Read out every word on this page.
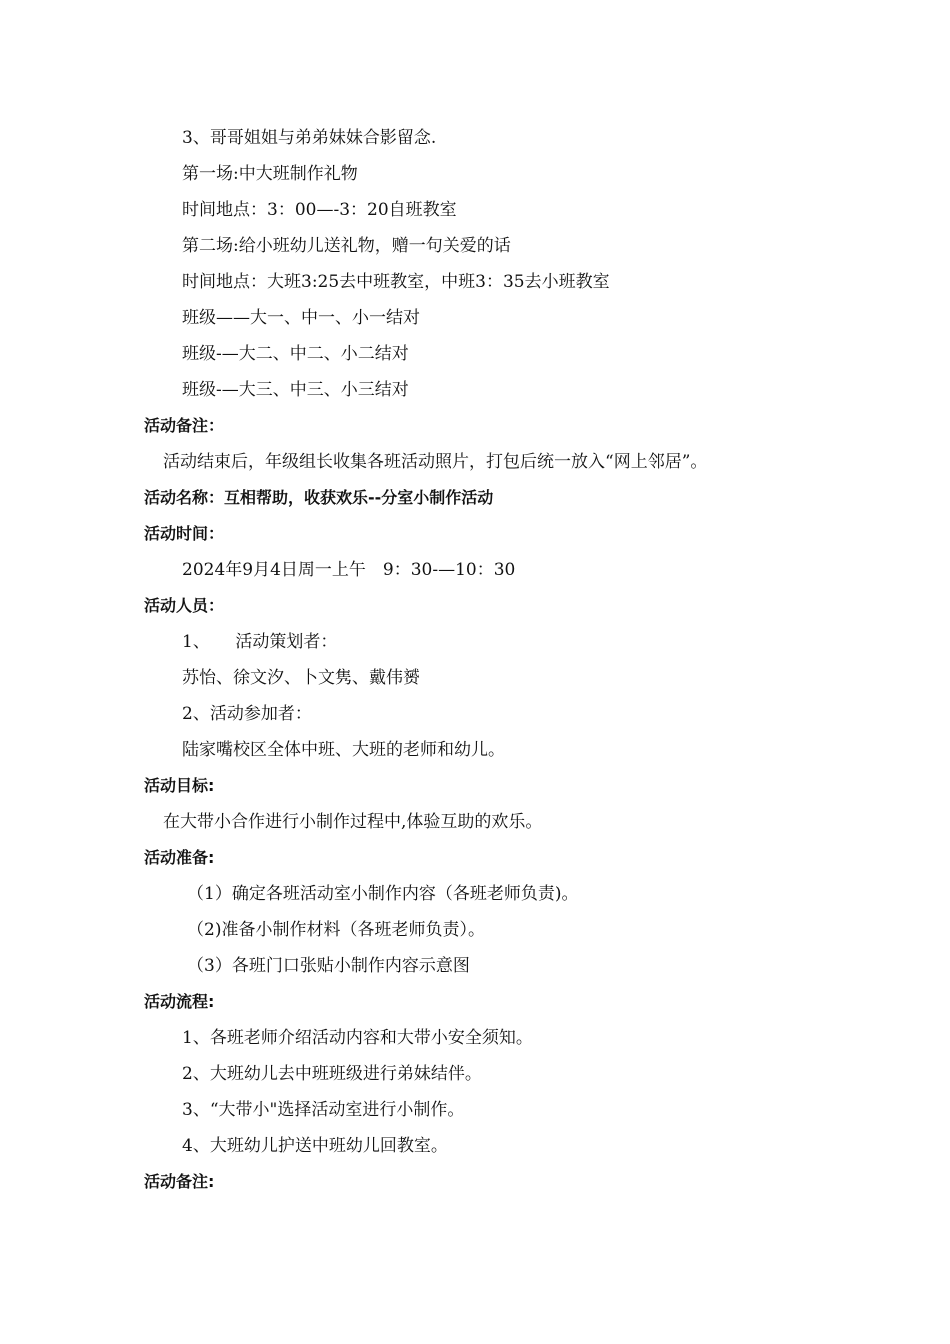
3、哥哥姐姐与弟弟妹妹合影留念.
第一场:中大班制作礼物
时间地点：3：00—-3：20自班教室
第二场:给小班幼儿送礼物，赠一句关爱的话
时间地点：大班3:25去中班教室，中班3：35去小班教室
班级——大一、中一、小一结对
班级-—大二、中二、小二结对
班级-—大三、中三、小三结对
活动备注：
活动结束后，年级组长收集各班活动照片，打包后统一放入“网上邻居”。
活动名称：互相帮助，收获欢乐--分室小制作活动
活动时间：
2024年9月4日周一上午　9：30-—10：30
活动人员：
1、　　活动策划者：
苏怡、徐文汐、卜文隽、戴伟赟
2、活动参加者：
陆家嘴校区全体中班、大班的老师和幼儿。
活动目标:
在大带小合作进行小制作过程中,体验互助的欢乐。
活动准备:
（1）确定各班活动室小制作内容（各班老师负责)。
（2)准备小制作材料（各班老师负责）。
（3）各班门口张贴小制作内容示意图
活动流程:
1、各班老师介绍活动内容和大带小安全须知。
2、大班幼儿去中班班级进行弟妹结伴。
3、“大带小"选择活动室进行小制作。
4、大班幼儿护送中班幼儿回教室。
活动备注:
